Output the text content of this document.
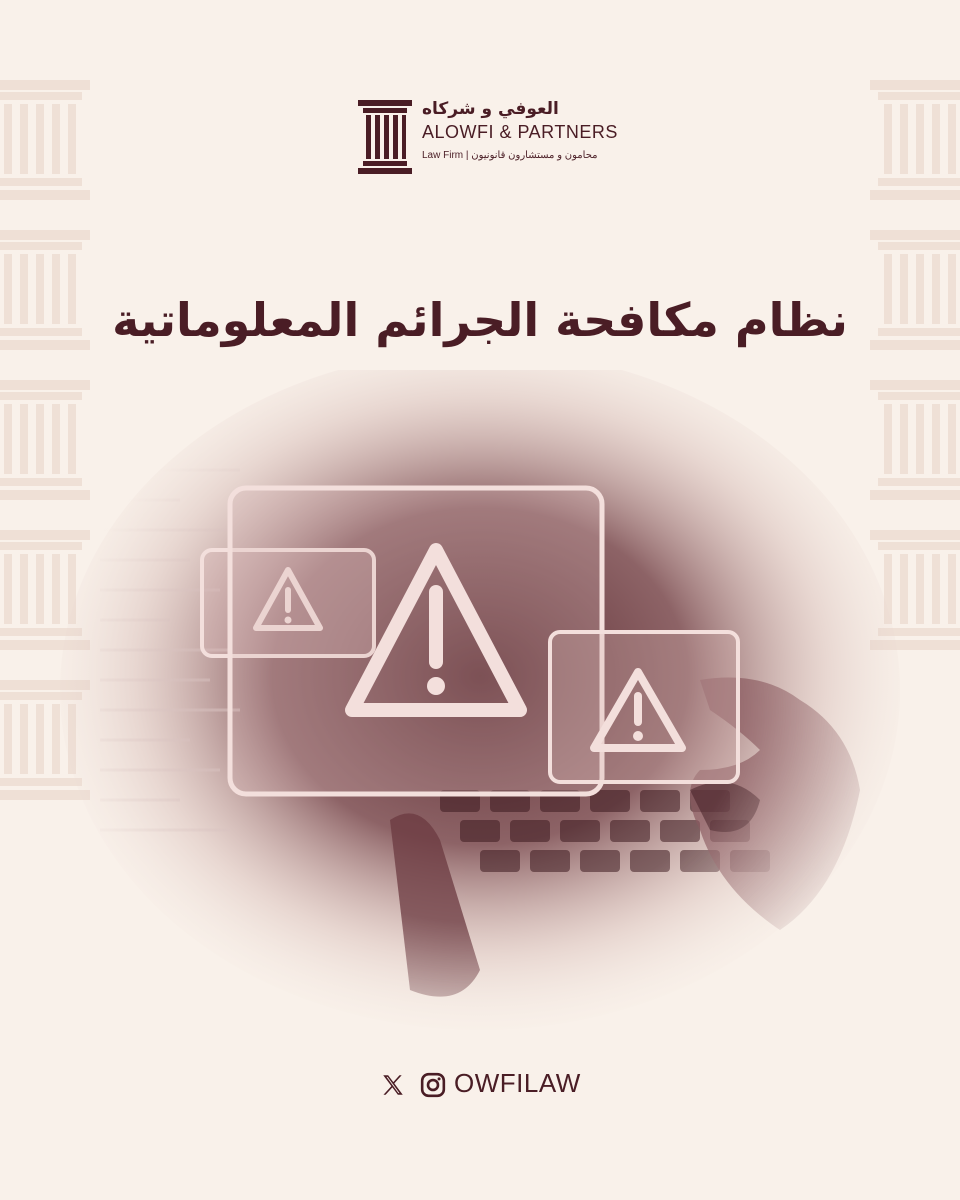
العوفي و شركاه
ALOWFI & PARTNERS
Law Firm | محامون و مستشارون قانونيون
نظام مكافحة الجرائم المعلوماتية
OWFILAW
